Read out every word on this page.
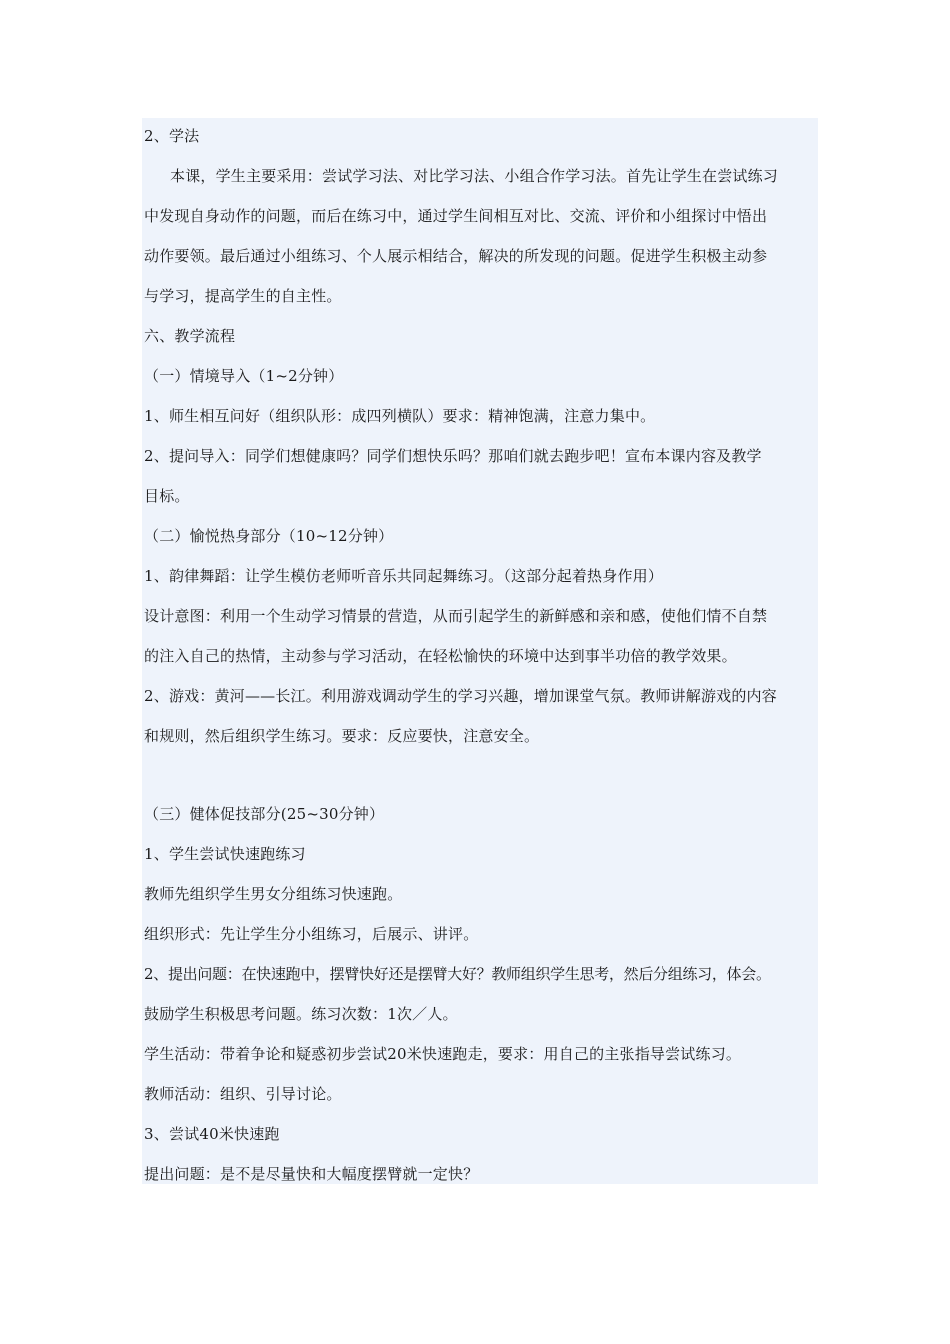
2、学法
本课，学生主要采用：尝试学习法、对比学习法、小组合作学习法。首先让学生在尝试练习
中发现自身动作的问题，而后在练习中，通过学生间相互对比、交流、评价和小组探讨中悟出
动作要领。最后通过小组练习、个人展示相结合，解决的所发现的问题。促进学生积极主动参
与学习，提高学生的自主性。
六、教学流程
（一）情境导入（1~2分钟）
1、师生相互问好（组织队形：成四列横队）要求：精神饱满，注意力集中。
2、提问导入：同学们想健康吗？同学们想快乐吗？那咱们就去跑步吧！宣布本课内容及教学
目标。
（二）愉悦热身部分（10~12分钟）
1、韵律舞蹈：让学生模仿老师听音乐共同起舞练习。（这部分起着热身作用）
设计意图：利用一个生动学习情景的营造，从而引起学生的新鲜感和亲和感，使他们情不自禁
的注入自己的热情，主动参与学习活动，在轻松愉快的环境中达到事半功倍的教学效果。
2、游戏：黄河——长江。利用游戏调动学生的学习兴趣，增加课堂气氛。教师讲解游戏的内容
和规则，然后组织学生练习。要求：反应要快，注意安全。
（三）健体促技部分(25~30分钟）
1、学生尝试快速跑练习
教师先组织学生男女分组练习快速跑。
组织形式：先让学生分小组练习，后展示、讲评。
2、提出问题：在快速跑中，摆臂快好还是摆臂大好？教师组织学生思考，然后分组练习，体会。
鼓励学生积极思考问题。练习次数：1次／人。
学生活动：带着争论和疑惑初步尝试20米快速跑走，要求：用自己的主张指导尝试练习。
教师活动：组织、引导讨论。
3、尝试40米快速跑
提出问题：是不是尽量快和大幅度摆臂就一定快？
